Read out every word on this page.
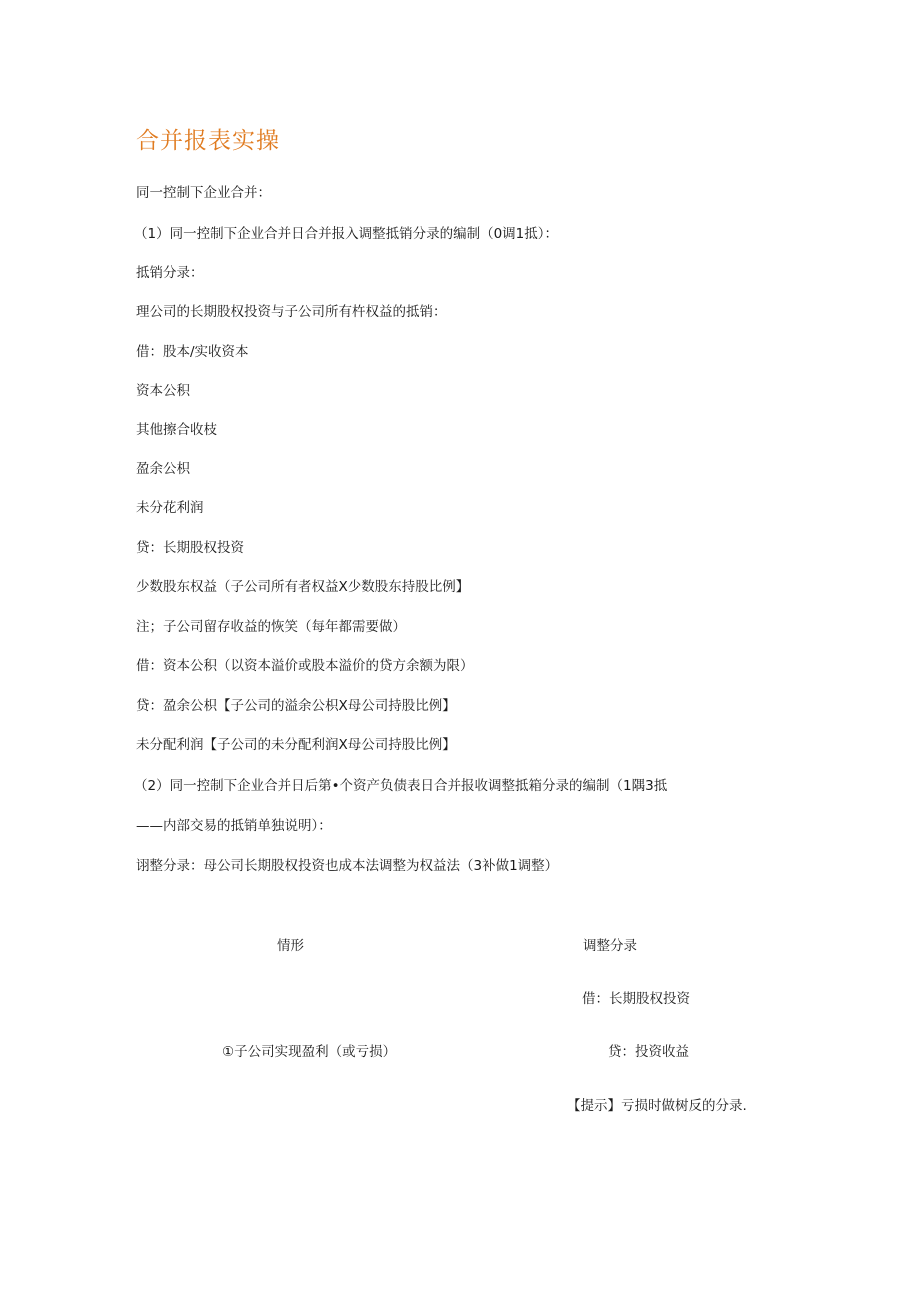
合并报表实操
同一控制下企业合并：
（1）同一控制下企业合并日合并报入调整抵销分录的编制（0调1抵）：
抵销分录：
理公司的长期股权投资与子公司所有杵权益的抵销：
借：股本/实收资本
资本公积
其他擦合收枝
盈余公枳
未分花利润
贷：长期股权投资
少数股东权益（子公司所有者权益X少数股东持股比例】
注；子公司留存收益的恢笑（每年都需要做）
借：资本公积（以资本溢价或股本溢价的贷方余额为限）
贷：盈余公枳【子公司的溢余公枳X母公司持股比例】
未分配利润【子公司的未分配利润X母公司持股比例】
（2）同一控制下企业合并日后第•个资产负债表日合并报收调整抵箱分录的编制（1隅3抵
——内部交易的抵销单独说明）：
诩整分录：母公司长期股权投资也成本法调整为权益法（3补做1调整）
情形	调整分录
借：长期股权投资
①子公司实现盈利（或亏损）	贷：投资收益
【提示】亏损时做树反的分录.
